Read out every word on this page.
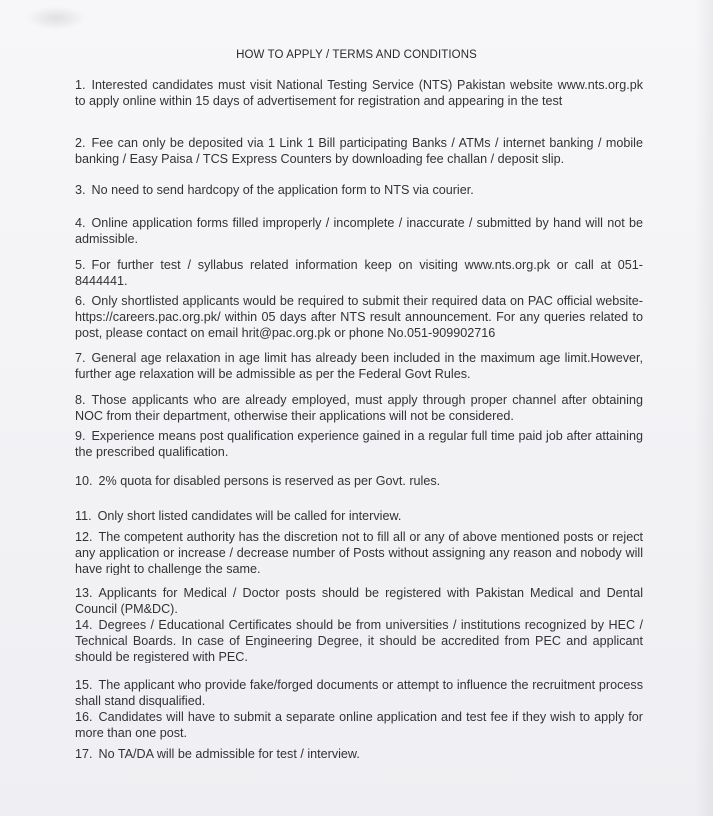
HOW TO APPLY / TERMS AND CONDITIONS
1. Interested candidates must visit National Testing Service (NTS) Pakistan website www.nts.org.pk to apply online within 15 days of advertisement for registration and appearing in the test
2. Fee can only be deposited via 1 Link 1 Bill participating Banks / ATMs / internet banking / mobile banking / Easy Paisa / TCS Express Counters by downloading fee challan / deposit slip.
3. No need to send hardcopy of the application form to NTS via courier.
4. Online application forms filled improperly / incomplete / inaccurate / submitted by hand will not be admissible.
5. For further test / syllabus related information keep on visiting www.nts.org.pk or call at 051-8444441.
6. Only shortlisted applicants would be required to submit their required data on PAC official website- https://careers.pac.org.pk/ within 05 days after NTS result announcement. For any queries related to post, please contact on email hrit@pac.org.pk or phone No.051-909902716
7. General age relaxation in age limit has already been included in the maximum age limit.However, further age relaxation will be admissible as per the Federal Govt Rules.
8. Those applicants who are already employed, must apply through proper channel after obtaining NOC from their department, otherwise their applications will not be considered.
9. Experience means post qualification experience gained in a regular full time paid job after attaining the prescribed qualification.
10. 2% quota for disabled persons is reserved as per Govt. rules.
11. Only short listed candidates will be called for interview.
12. The competent authority has the discretion not to fill all or any of above mentioned posts or reject any application or increase / decrease number of Posts without assigning any reason and nobody will have right to challenge the same.
13. Applicants for Medical / Doctor posts should be registered with Pakistan Medical and Dental Council (PM&DC).
14. Degrees / Educational Certificates should be from universities / institutions recognized by HEC / Technical Boards. In case of Engineering Degree, it should be accredited from PEC and applicant should be registered with PEC.
15. The applicant who provide fake/forged documents or attempt to influence the recruitment process shall stand disqualified.
16. Candidates will have to submit a separate online application and test fee if they wish to apply for more than one post.
17. No TA/DA will be admissible for test / interview.
